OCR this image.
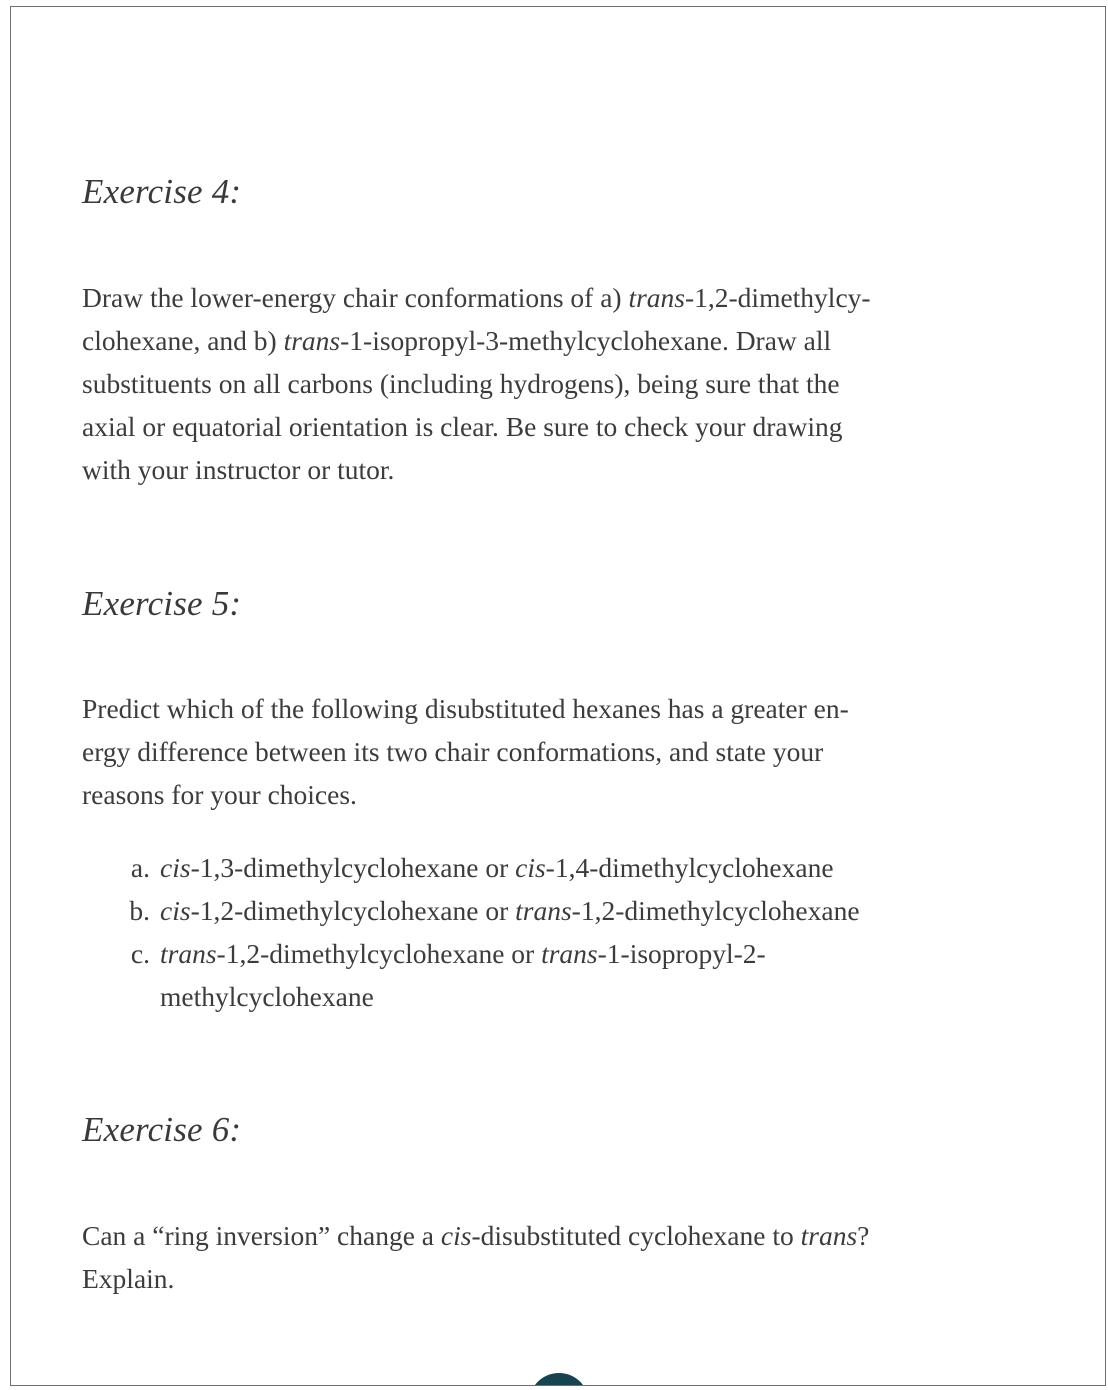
Exercise 4:

Draw the lower-energy chair conformations of a) trans-1,2-dimethylcy-
clohexane, and b) trans-1-isopropyl-3-methylcyclohexane. Draw all
substituents on all carbons (including hydrogens), being sure that the
axial or equatorial orientation is clear. Be sure to check your drawing
with your instructor or tutor.

Exercise 5:

Predict which of the following disubstituted hexanes has a greater en-
ergy difference between its two chair conformations, and state your
reasons for your choices.

a. cis-1,3-dimethylcyclohexane or cis-1,4-dimethylcyclohexane
b. cis-1,2-dimethylcyclohexane or trans-1,2-dimethylcyclohexane
c. trans-1,2-dimethylcyclohexane or trans-1-isopropyl-2-
methylcyclohexane
Exercise 6:

Can a “ring inversion” change a cis-disubstituted cyclohexane to trans?
Explain.
